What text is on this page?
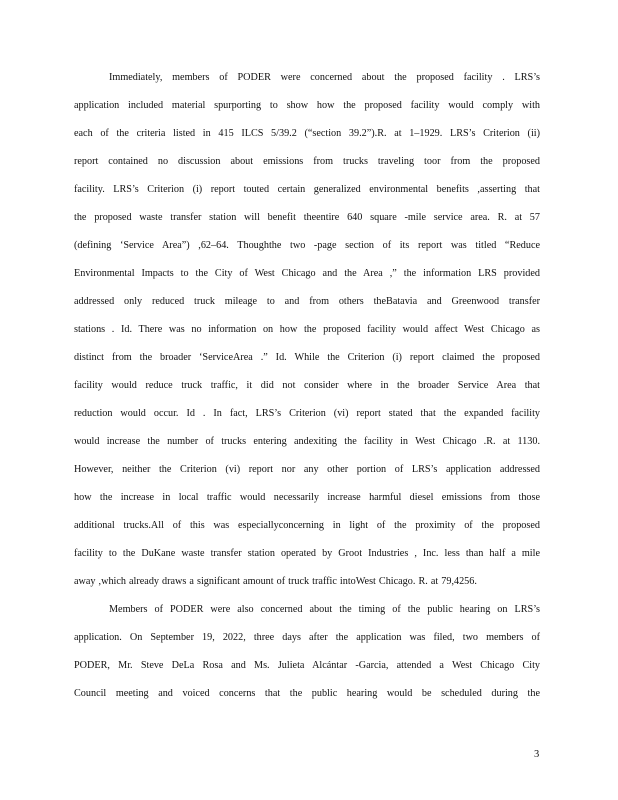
Immediately, members of PODER were concerned about the proposed facility . LRS’s
application included material spurporting to show how the proposed facility would comply with
each of the criteria listed in 415 ILCS 5/39.2 (“section 39.2”).R. at 1–1929. LRS’s Criterion (ii)
report contained no discussion about emissions from trucks traveling toor from the proposed
facility. LRS’s Criterion (i) report touted certain generalized environmental benefits ,asserting that
the proposed waste transfer station will benefit theentire 640 square -mile service area. R. at 57
(defining ‘Service Area”) ,62–64. Thoughthe two -page section of its report was titled “Reduce
Environmental Impacts to the City of West Chicago and the Area ,” the information LRS provided
addressed only reduced truck mileage to and from others theBatavia and Greenwood transfer
stations . Id. There was no information on how the proposed facility would affect West Chicago as
distinct from the broader ‘ServiceArea .” Id. While the Criterion (i) report claimed the proposed
facility would reduce truck traffic, it did not consider where in the broader Service Area that
reduction would occur. Id . In fact, LRS’s Criterion (vi) report stated that the expanded facility
would increase the number of trucks entering andexiting the facility in West Chicago .R. at 1130.
However, neither the Criterion (vi) report nor any other portion of LRS’s application addressed
how the increase in local traffic would necessarily increase harmful diesel emissions from those
additional trucks.All of this was especiallyconcerning in light of the proximity of the proposed
facility to the DuKane waste transfer station operated by Groot Industries , Inc. less than half a mile
away ,which already draws a significant amount of truck traffic intoWest Chicago. R. at 79,4256.
Members of PODER were also concerned about the timing of the public hearing on LRS’s
application. On September 19, 2022, three days after the application was filed, two members of
PODER, Mr. Steve DeLa Rosa and Ms. Julieta Alcántar -Garcia, attended a West Chicago City
Council meeting and voiced concerns that the public hearing would be scheduled during the
3
